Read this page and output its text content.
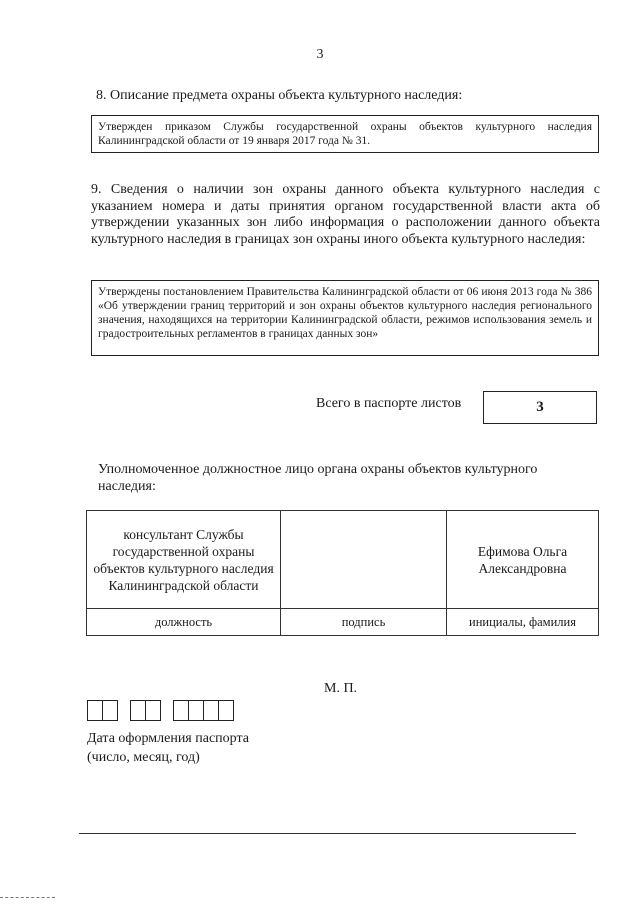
3
8. Описание предмета охраны объекта культурного наследия:
Утвержден приказом Службы государственной охраны объектов культурного наследия Калининградской области от 19 января 2017 года № 31.
9. Сведения о наличии зон охраны данного объекта культурного наследия с указанием номера и даты принятия органом государственной власти акта об утверждении указанных зон либо информация о расположении данного объекта культурного наследия в границах зон охраны иного объекта культурного наследия:
Утверждены постановлением Правительства Калининградской области от 06 июня 2013 года № 386 «Об утверждении границ территорий и зон охраны объектов культурного наследия регионального значения, находящихся на территории Калининградской области, режимов использования земель и градостроительных регламентов в границах данных зон»
Всего в паспорте листов	3
Уполномоченное должностное лицо органа охраны объектов культурного наследия:
консультант Службы государственной охраны объектов культурного наследия Калининградской области		Ефимова Ольга Александровна
должность	подпись	инициалы, фамилия
М. П.
Дата оформления паспорта
(число, месяц, год)
